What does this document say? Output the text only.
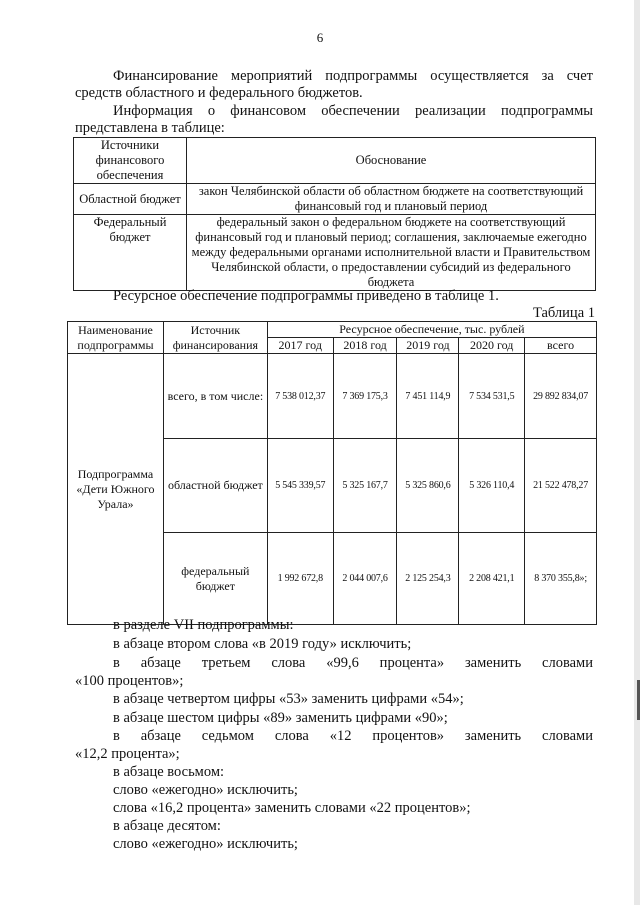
6
Финансирование мероприятий подпрограммы осуществляется за счет
средств областного и федерального бюджетов.
Информация о финансовом обеспечении реализации подпрограммы
представлена в таблице:
Источники финансового обеспечения	Обоснование
Областной бюджет	закон Челябинской области об областном бюджете на соответствующий финансовый год и плановый период
Федеральный бюджет	федеральный закон о федеральном бюджете на соответствующий финансовый год и плановый период; соглашения, заключаемые ежегодно между федеральными органами исполнительной власти и Правительством Челябинской области, о предоставлении субсидий из федерального бюджета
Ресурсное обеспечение подпрограммы приведено в таблице 1.
Таблица 1
Наименование подпрограммы	Источник финансирования	Ресурсное обеспечение, тыс. рублей				
		2017 год	2018 год	2019 год	2020 год	всего
Подпрограмма «Дети Южного Урала»	всего, в том числе:	7 538 012,37	7 369 175,3	7 451 114,9	7 534 531,5	29 892 834,07
	областной бюджет	5 545 339,57	5 325 167,7	5 325 860,6	5 326 110,4	21 522 478,27
	федеральный бюджет	1 992 672,8	2 044 007,6	2 125 254,3	2 208 421,1	8 370 355,8»;
в разделе VII подпрограммы:
в абзаце втором слова «в 2019 году» исключить;
в абзаце третьем слова «99,6 процента» заменить словами
«100 процентов»;
в абзаце четвертом цифры «53» заменить цифрами «54»;
в абзаце шестом цифры «89» заменить цифрами «90»;
в абзаце седьмом слова «12 процентов» заменить словами
«12,2 процента»;
в абзаце восьмом:
слово «ежегодно» исключить;
слова «16,2 процента» заменить словами «22 процентов»;
в абзаце десятом:
слово «ежегодно» исключить;
